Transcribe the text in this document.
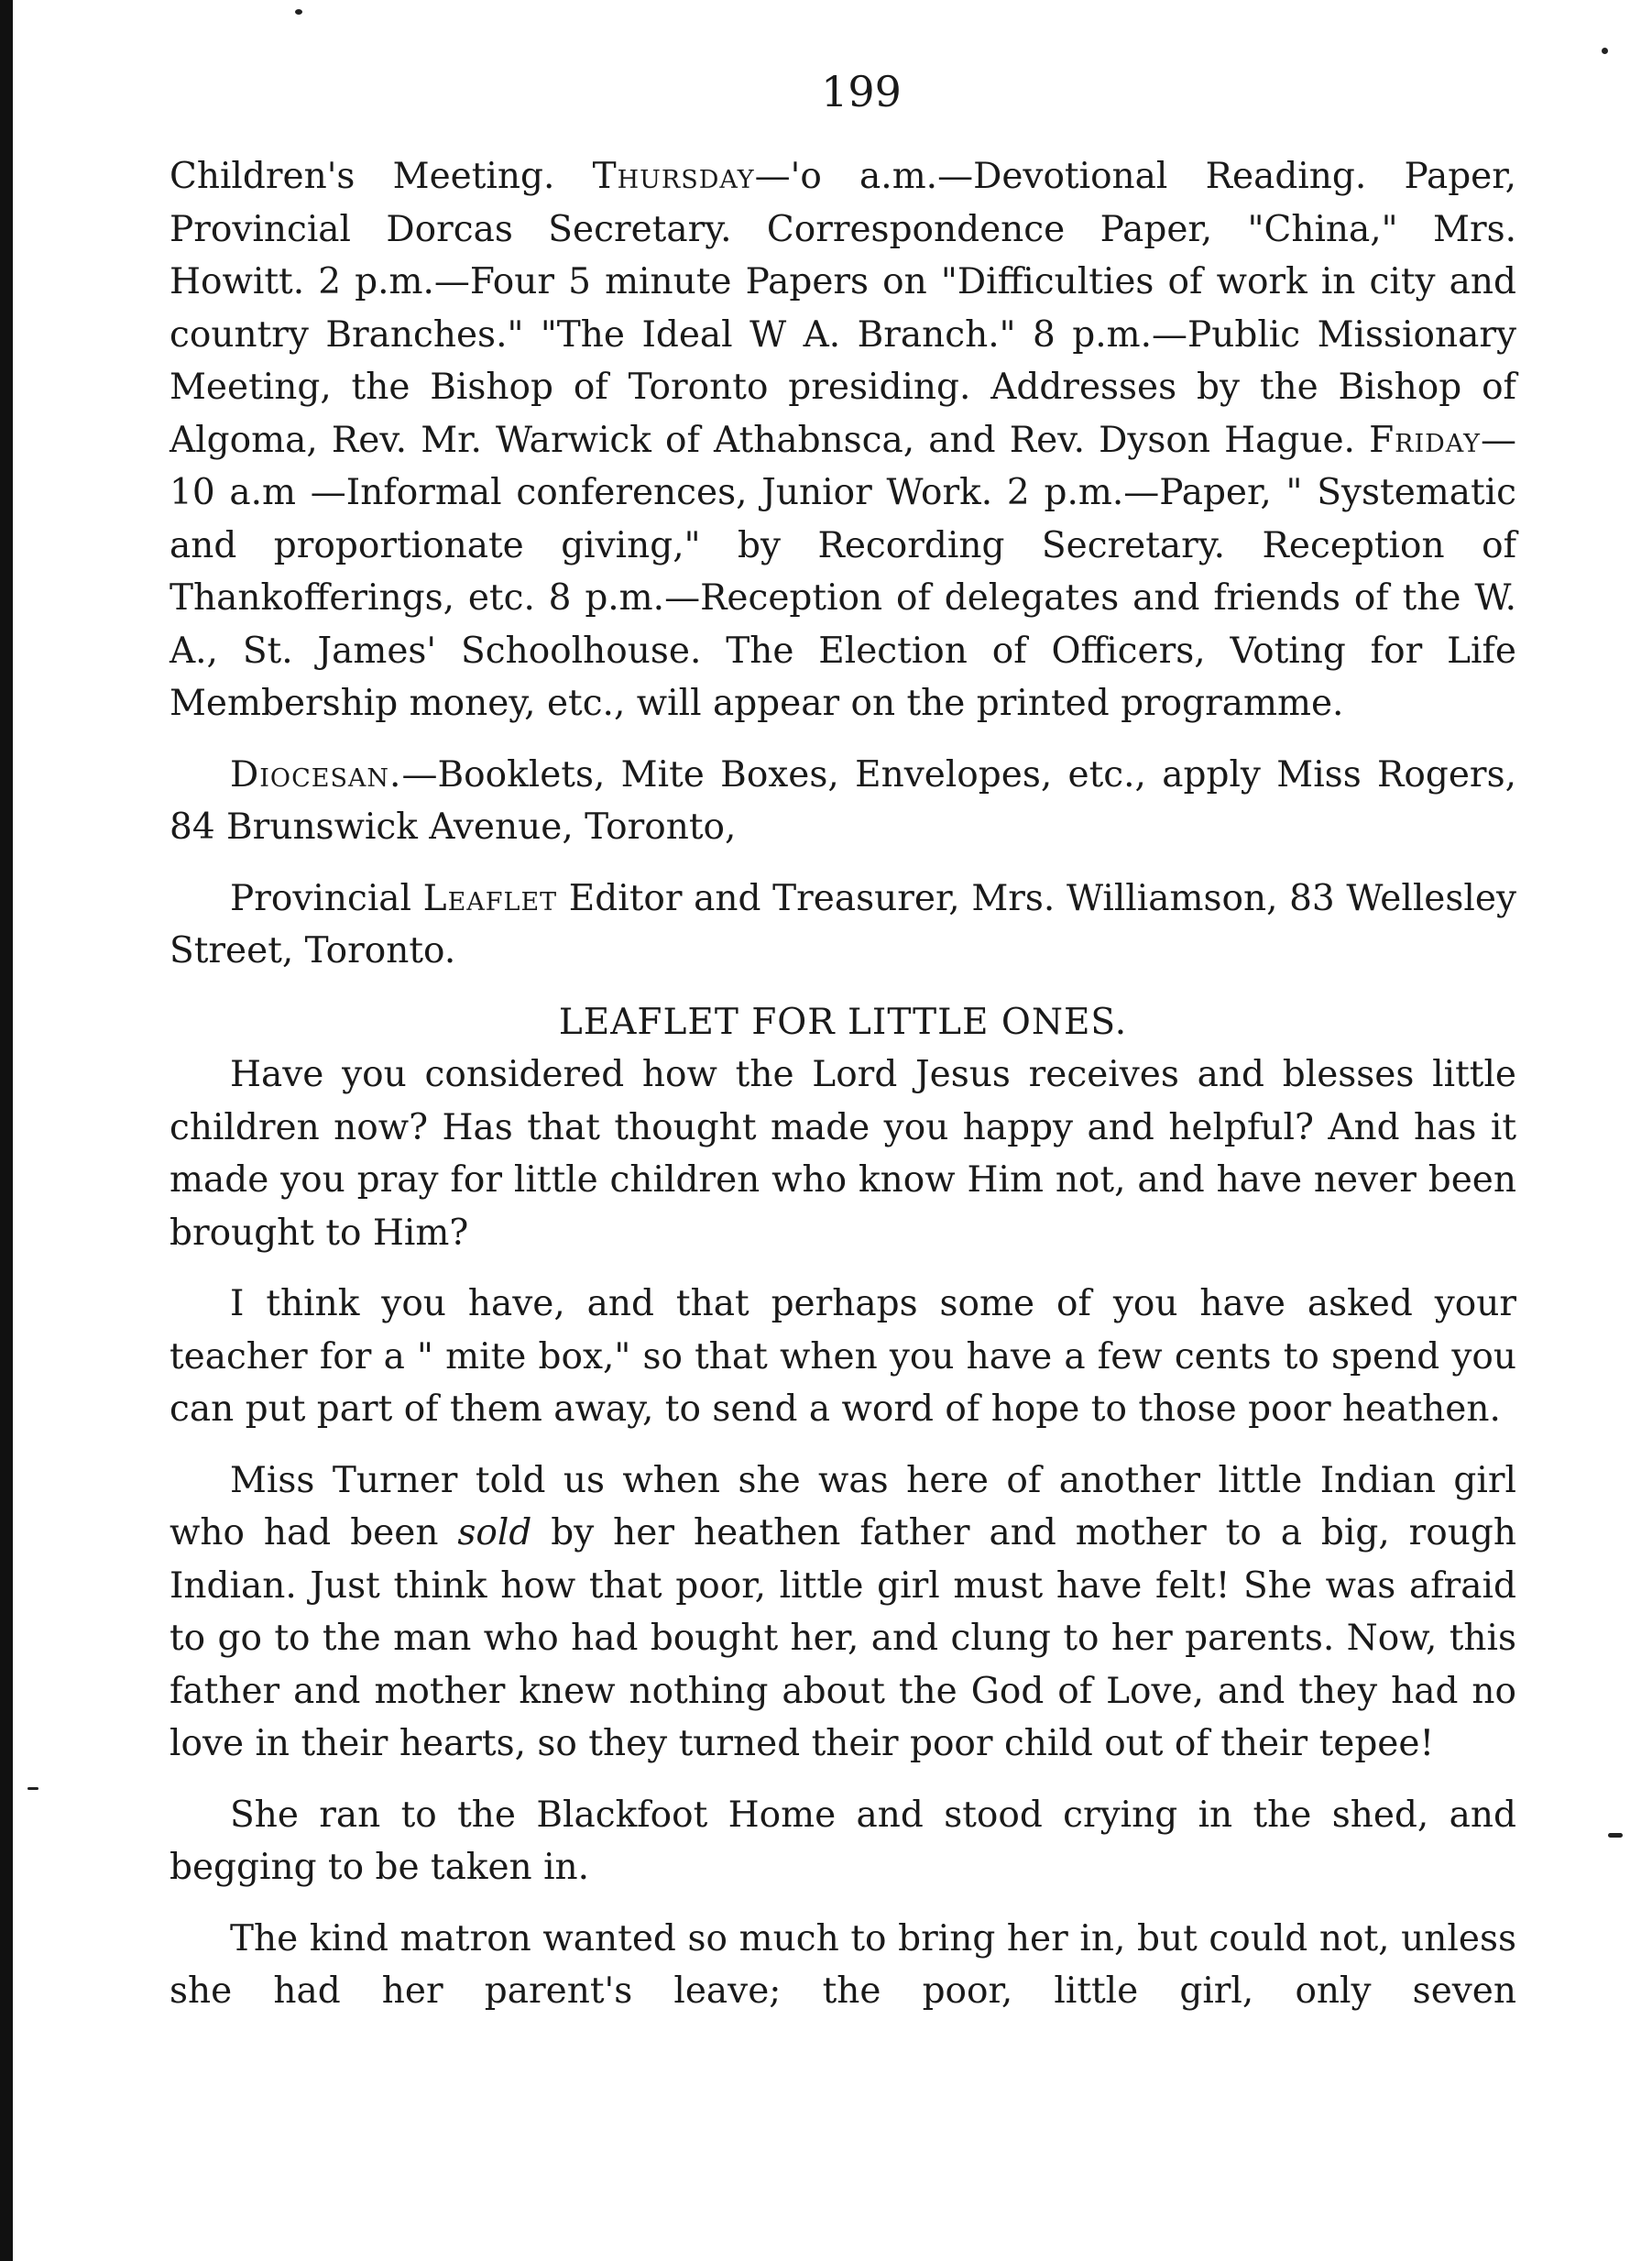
199

Children's Meeting. Thursday—'o a.m.—Devotional Reading. Paper, Provincial Dorcas Secretary. Correspondence Paper, "China," Mrs. Howitt. 2 p.m.—Four 5 minute Papers on "Difficulties of work in city and country Branches." "The Ideal W A. Branch." 8 p.m.—Public Missionary Meeting, the Bishop of Toronto presiding. Addresses by the Bishop of Algoma, Rev. Mr. Warwick of Athabnsca, and Rev. Dyson Hague. Friday—10 a.m —Informal conferences, Junior Work. 2 p.m.—Paper, " Systematic and proportionate giving," by Recording Secretary. Reception of Thankofferings, etc. 8 p.m.—Reception of delegates and friends of the W. A., St. James' Schoolhouse. The Election of Officers, Voting for Life Membership money, etc., will appear on the printed programme.

Diocesan.—Booklets, Mite Boxes, Envelopes, etc., apply Miss Rogers, 84 Brunswick Avenue, Toronto,

Provincial Leaflet Editor and Treasurer, Mrs. Williamson, 83 Wellesley Street, Toronto.

LEAFLET FOR LITTLE ONES.

Have you considered how the Lord Jesus receives and blesses little children now? Has that thought made you happy and helpful? And has it made you pray for little children who know Him not, and have never been brought to Him?

I think you have, and that perhaps some of you have asked your teacher for a " mite box," so that when you have a few cents to spend you can put part of them away, to send a word of hope to those poor heathen.

Miss Turner told us when she was here of another little Indian girl who had been sold by her heathen father and mother to a big, rough Indian. Just think how that poor, little girl must have felt! She was afraid to go to the man who had bought her, and clung to her parents. Now, this father and mother knew nothing about the God of Love, and they had no love in their hearts, so they turned their poor child out of their tepee!

She ran to the Blackfoot Home and stood crying in the shed, and begging to be taken in.

The kind matron wanted so much to bring her in, but could not, unless she had her parent's leave; the poor, little girl, only seven
